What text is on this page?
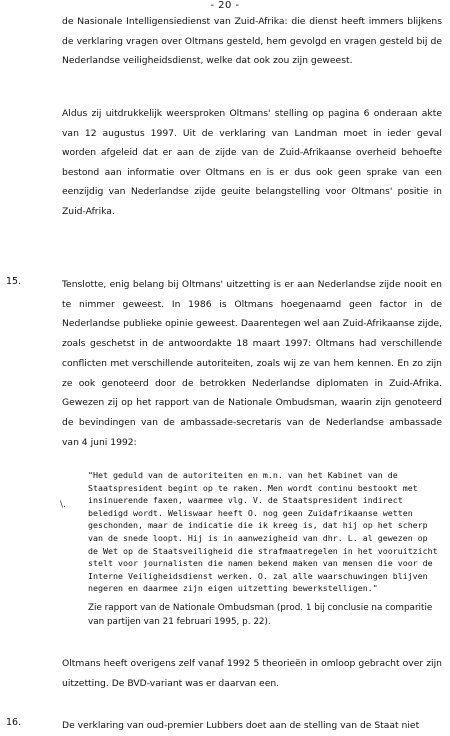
- 20 -

de Nasionale Intelligensiedienst van Zuid-Afrika: die dienst heeft immers blijkens de verklaring vragen over Oltmans gesteld, hem gevolgd en vragen gesteld bij de Nederlandse veiligheidsdienst, welke dat ook zou zijn geweest.

Aldus zij uitdrukkelijk weersproken Oltmans' stelling op pagina 6 onderaan akte van 12 augustus 1997. Uit de verklaring van Landman moet in ieder geval worden afgeleid dat er aan de zijde van de Zuid-Afrikaanse overheid behoefte bestond aan informatie over Oltmans en is er dus ook geen sprake van een eenzijdig van Nederlandse zijde geuite belangstelling voor Oltmans' positie in Zuid-Afrika.

15.	Tenslotte, enig belang bij Oltmans' uitzetting is er aan Nederlandse zijde nooit en te nimmer geweest. In 1986 is Oltmans hoegenaamd geen factor in de Nederlandse publieke opinie geweest. Daarentegen wel aan Zuid-Afrikaanse zijde, zoals geschetst in de antwoordakte 18 maart 1997: Oltmans had verschillende conflicten met verschillende autoriteiten, zoals wij ze van hem kennen. En zo zijn ze ook genoteerd door de betrokken Nederlandse diplomaten in Zuid-Afrika. Gewezen zij op het rapport van de Nationale Ombudsman, waarin zijn genoteerd de bevindingen van de ambassade-secretaris van de Nederlandse ambassade van 4 juni 1992:

"Het geduld van de autoriteiten en m.n. van het Kabinet van de Staatspresident begint op te raken. Men wordt continu bestookt met insinuerende faxen, waarmee vlg. V. de Staatspresident indirect beledigd wordt. Weliswaar heeft O. nog geen Zuidafrikaanse wetten geschonden, maar de indicatie die ik kreeg is, dat hij op het scherp van de snede loopt. Hij is in aanwezigheid van dhr. L. al gewezen op de Wet op de Staatsveiligheid die strafmaatregelen in het vooruitzicht stelt voor journalisten die namen bekend maken van mensen die voor de Interne Veiligheidsdienst werken. O. zal alle waarschuwingen blijven negeren en daarmee zijn eigen uitzetting bewerkstelligen."

\.

Zie rapport van de Nationale Ombudsman (prod. 1 bij conclusie na comparitie van partijen van 21 februari 1995, p. 22).

Oltmans heeft overigens zelf vanaf 1992 5 theorieën in omloop gebracht over zijn uitzetting. De BVD-variant was er daarvan een.

16.	De verklaring van oud-premier Lubbers doet aan de stelling van de Staat niet
